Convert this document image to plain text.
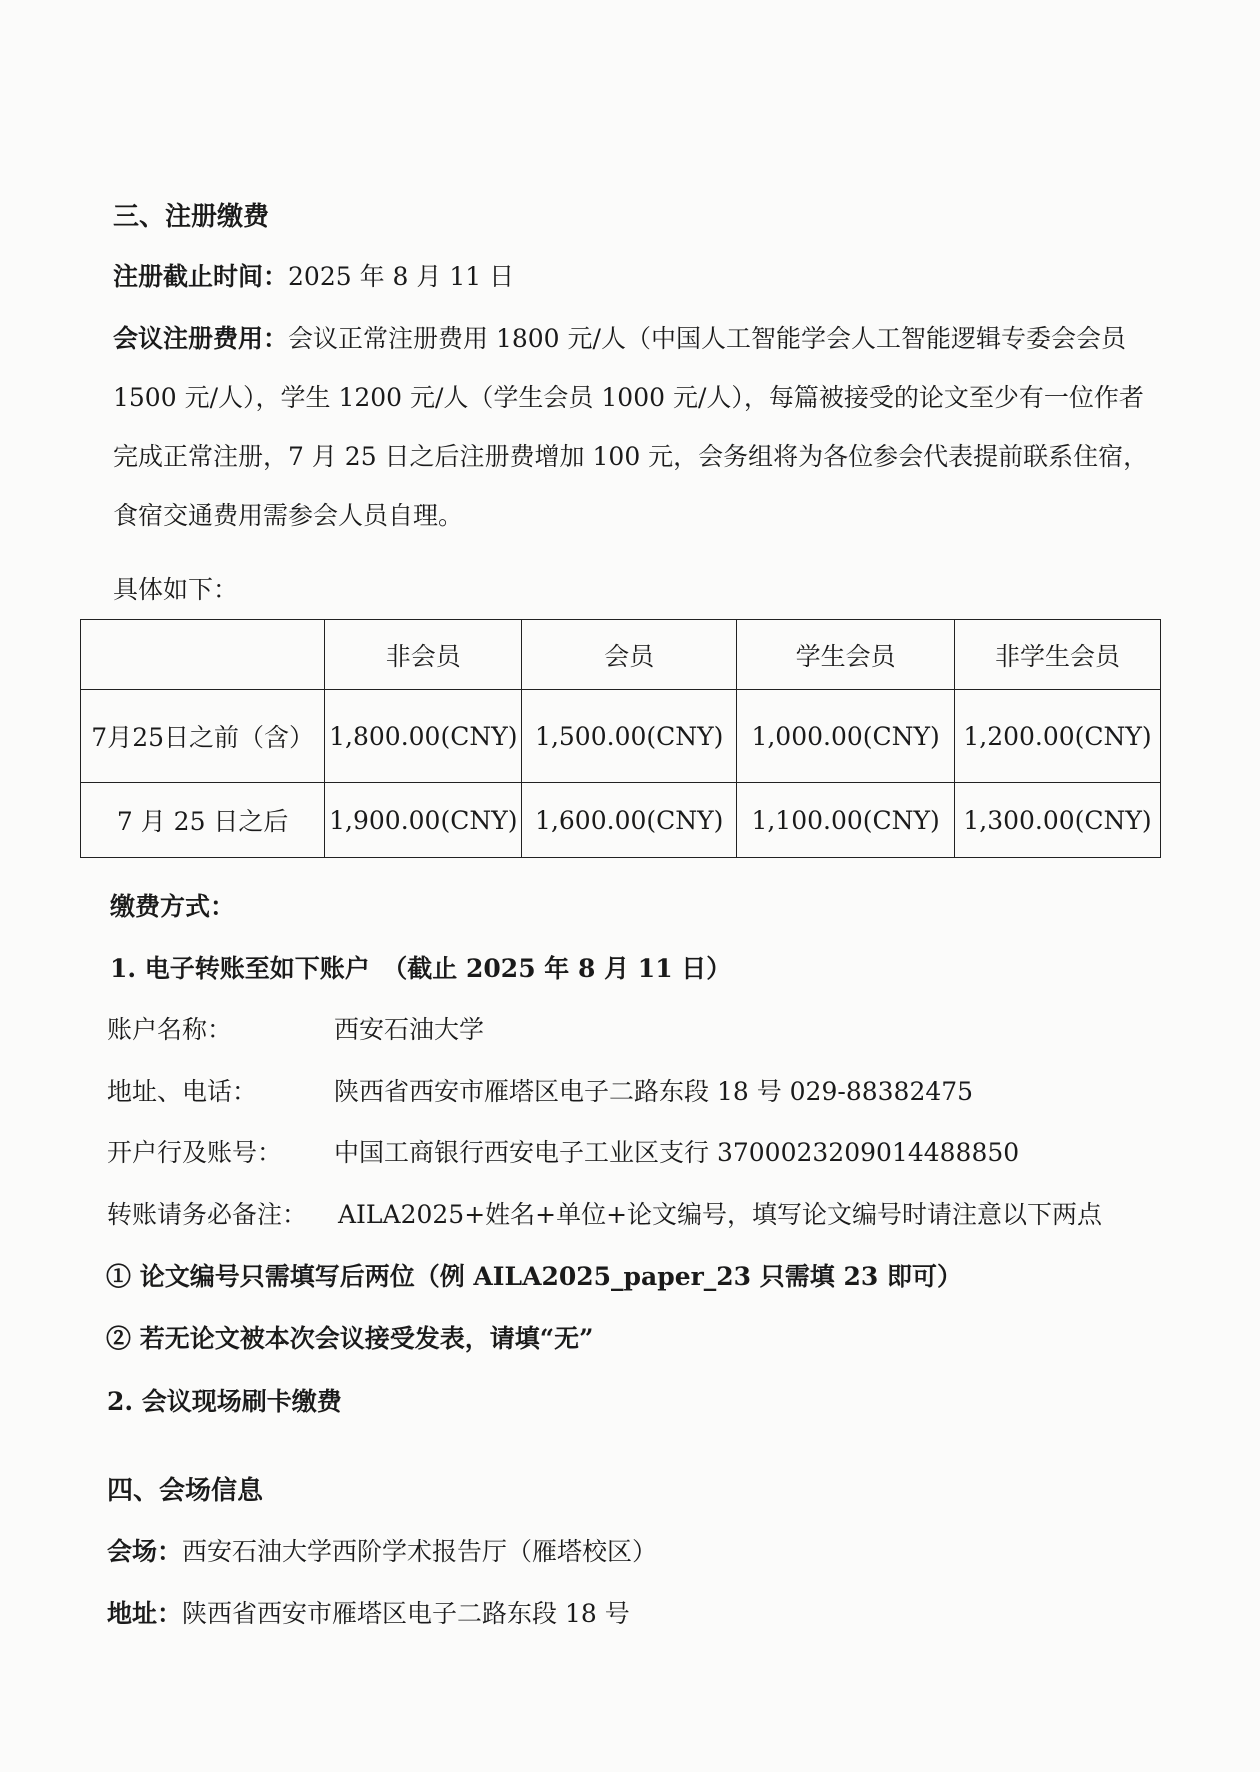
三、注册缴费
注册截止时间：2025 年 8 月 11 日
会议注册费用：会议正常注册费用 1800 元/人（中国人工智能学会人工智能逻辑专委会会员 1500 元/人），学生 1200 元/人（学生会员 1000 元/人），每篇被接受的论文至少有一位作者完成正常注册，7 月 25 日之后注册费增加 100 元，会务组将为各位参会代表提前联系住宿，食宿交通费用需参会人员自理。
具体如下：
	非会员	会员	学生会员	非学生会员
7月25日之前（含）	1,800.00(CNY)	1,500.00(CNY)	1,000.00(CNY)	1,200.00(CNY)
7 月 25 日之后	1,900.00(CNY)	1,600.00(CNY)	1,100.00(CNY)	1,300.00(CNY)
缴费方式：
1. 电子转账至如下账户　（截止 2025 年 8 月 11 日）
账户名称：	西安石油大学
地址、电话：	陕西省西安市雁塔区电子二路东段 18 号 029-88382475
开户行及账号： 中国工商银行西安电子工业区支行 3700023209014488850
转账请务必备注： AILA2025+姓名+单位+论文编号，填写论文编号时请注意以下两点
① 论文编号只需填写后两位（例 AILA2025_paper_23 只需填 23 即可）
② 若无论文被本次会议接受发表，请填“无”
2. 会议现场刷卡缴费
四、会场信息
会场：西安石油大学西阶学术报告厅（雁塔校区）
地址：陕西省西安市雁塔区电子二路东段 18 号
